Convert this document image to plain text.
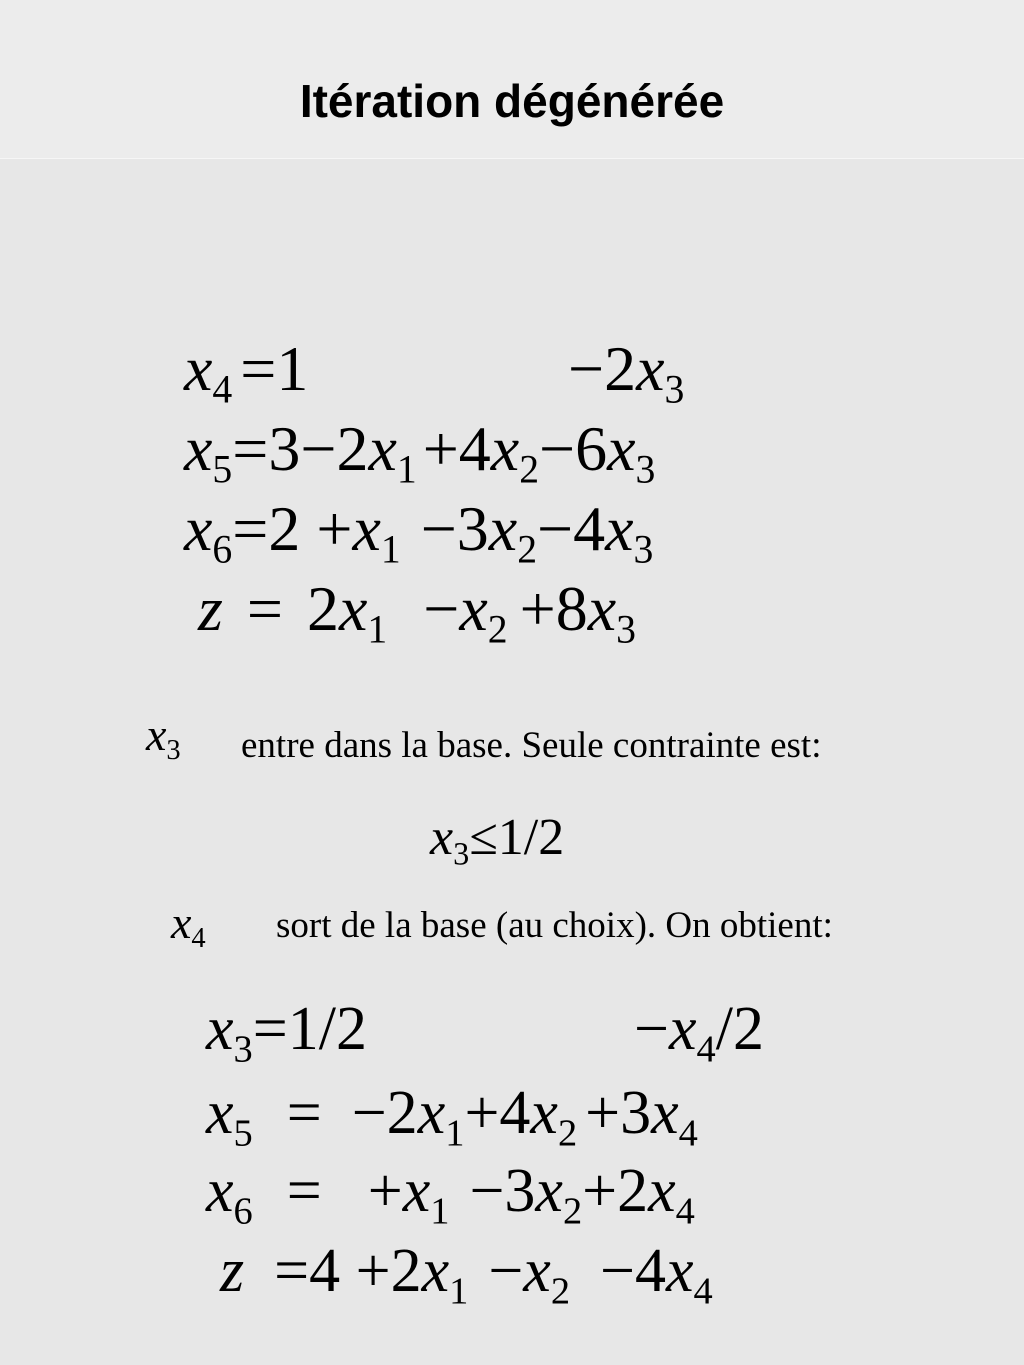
Itération dégénérée
$x_4 =1$	$-2x_3$
$x_5=3-2x_1+4x_2-6x_3$
$x_6=2 +x_1 -3x_2-4x_3$
$z = 2x_1 -x_2 +8x_3$
$x_3$ entre dans la base. Seule contrainte est:
$x_3\le 1/2$
$x_4$ sort de la base (au choix). On obtient:
$x_3=1/2$	$-x_4/2$
$x_5 = -2x_1+4x_2 +3x_4$
$x_6 = +x_1 -3x_2+2x_4$
$z =4 +2x_1 -x_2 -4x_4$
